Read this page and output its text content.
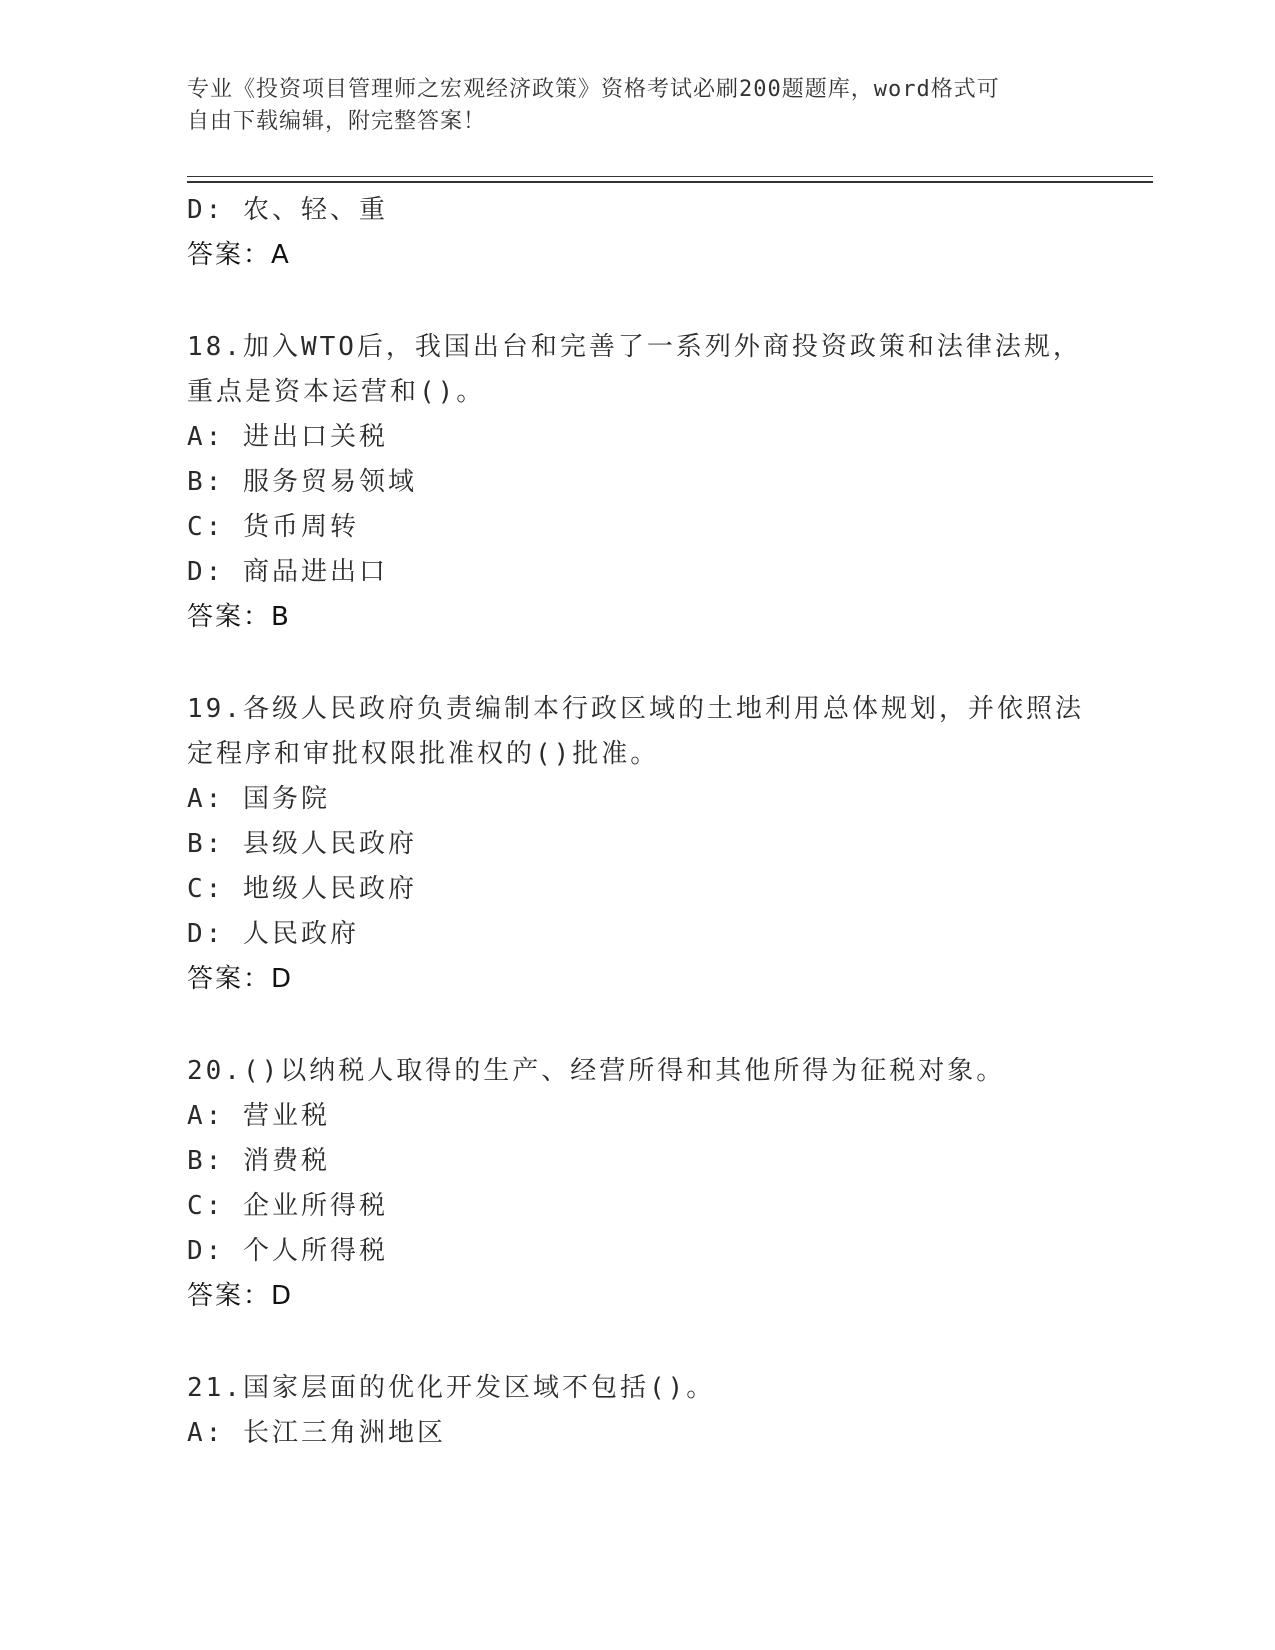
专业《投资项目管理师之宏观经济政策》资格考试必刷200题题库，word格式可
自由下载编辑，附完整答案！
D: 农、轻、重
答案：A
18.加入WTO后，我国出台和完善了一系列外商投资政策和法律法规，
重点是资本运营和()。
A: 进出口关税
B: 服务贸易领域
C: 货币周转
D: 商品进出口
答案：B
19.各级人民政府负责编制本行政区域的土地利用总体规划，并依照法
定程序和审批权限批准权的()批准。
A: 国务院
B: 县级人民政府
C: 地级人民政府
D: 人民政府
答案：D
20.()以纳税人取得的生产、经营所得和其他所得为征税对象。
A: 营业税
B: 消费税
C: 企业所得税
D: 个人所得税
答案：D
21.国家层面的优化开发区域不包括()。
A: 长江三角洲地区
